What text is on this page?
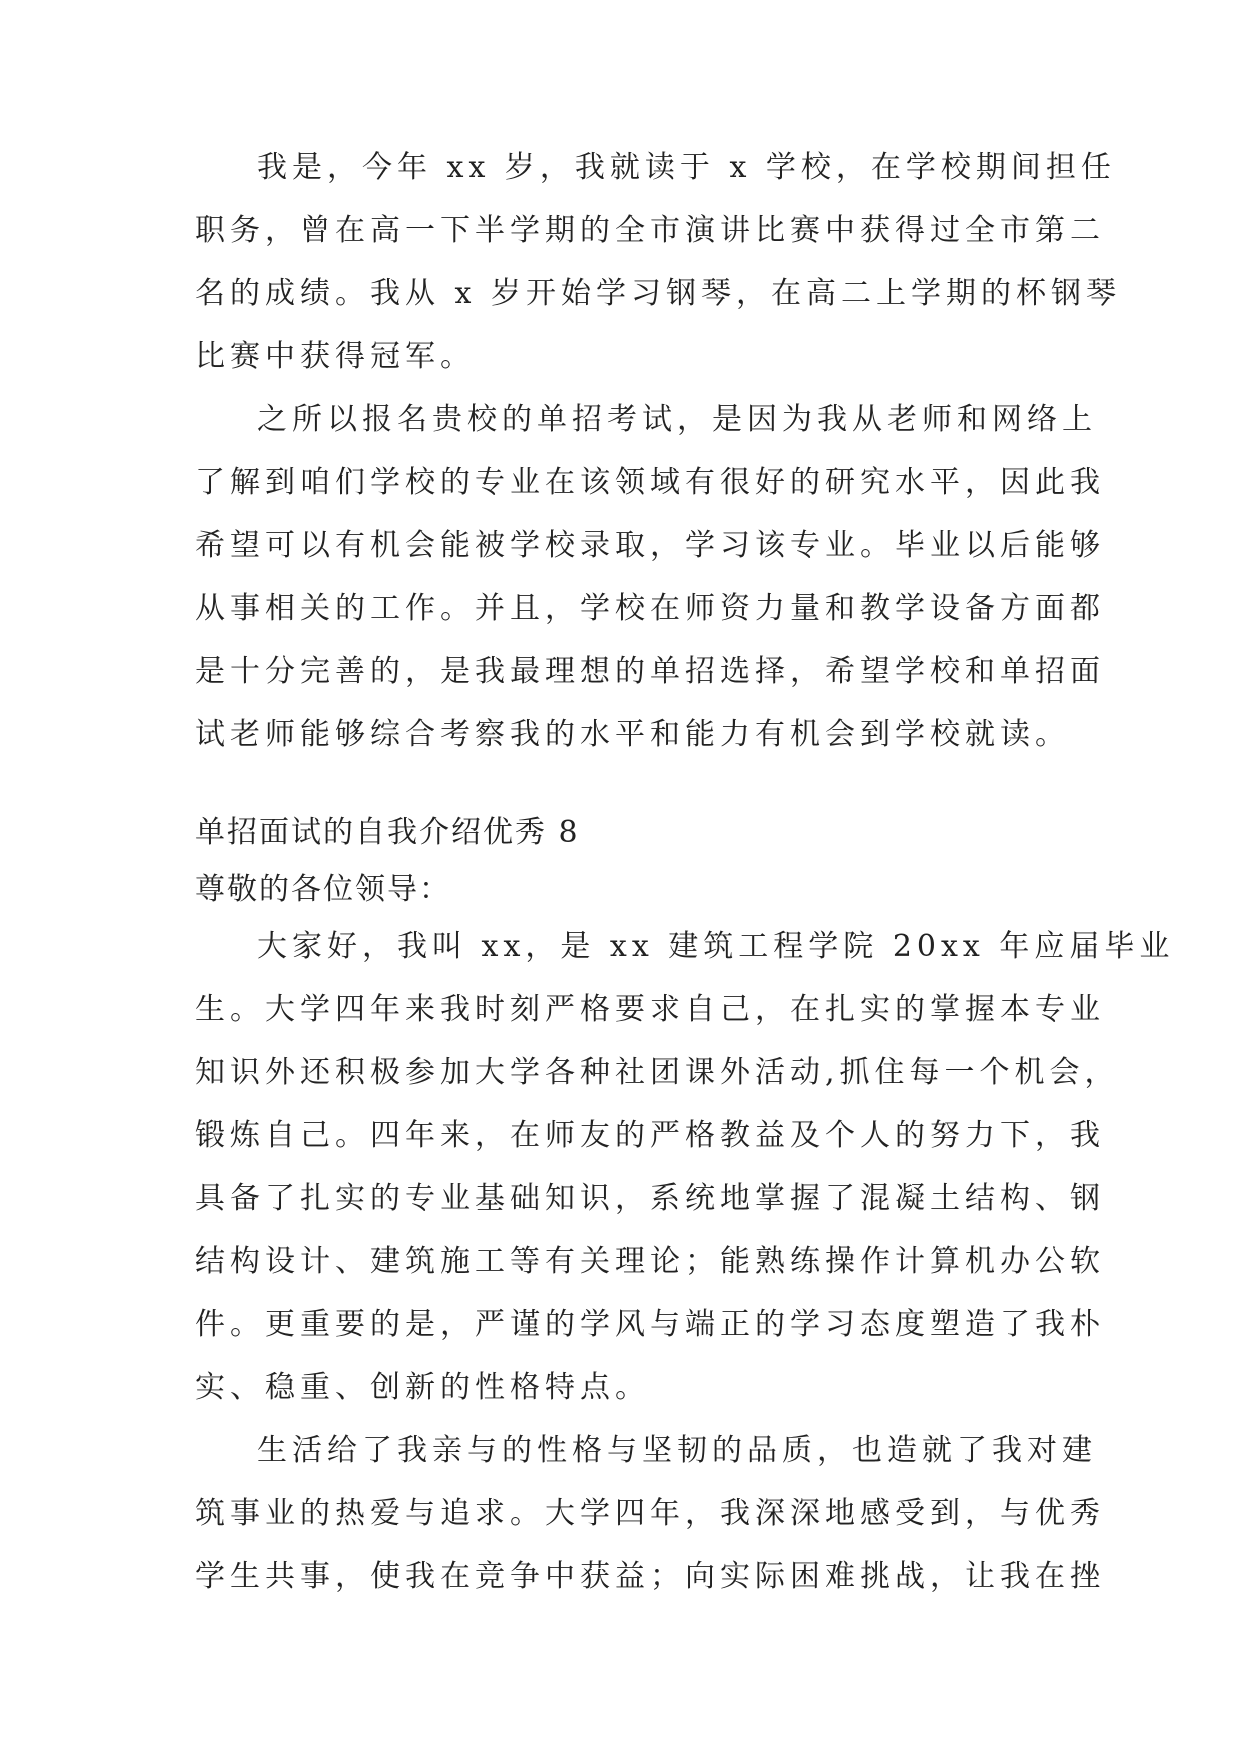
我是，今年 xx 岁，我就读于 x 学校，在学校期间担任
职务，曾在高一下半学期的全市演讲比赛中获得过全市第二
名的成绩。我从 x 岁开始学习钢琴，在高二上学期的杯钢琴
比赛中获得冠军。
之所以报名贵校的单招考试，是因为我从老师和网络上
了解到咱们学校的专业在该领域有很好的研究水平，因此我
希望可以有机会能被学校录取，学习该专业。毕业以后能够
从事相关的工作。并且，学校在师资力量和教学设备方面都
是十分完善的，是我最理想的单招选择，希望学校和单招面
试老师能够综合考察我的水平和能力有机会到学校就读。
单招面试的自我介绍优秀 8
尊敬的各位领导：
大家好，我叫 xx，是 xx 建筑工程学院 20xx 年应届毕业
生。大学四年来我时刻严格要求自己，在扎实的掌握本专业
知识外还积极参加大学各种社团课外活动,抓住每一个机会，
锻炼自己。四年来，在师友的严格教益及个人的努力下，我
具备了扎实的专业基础知识，系统地掌握了混凝土结构、钢
结构设计、建筑施工等有关理论；能熟练操作计算机办公软
件。更重要的是，严谨的学风与端正的学习态度塑造了我朴
实、稳重、创新的性格特点。
生活给了我亲与的性格与坚韧的品质，也造就了我对建
筑事业的热爱与追求。大学四年，我深深地感受到，与优秀
学生共事，使我在竞争中获益；向实际困难挑战，让我在挫
